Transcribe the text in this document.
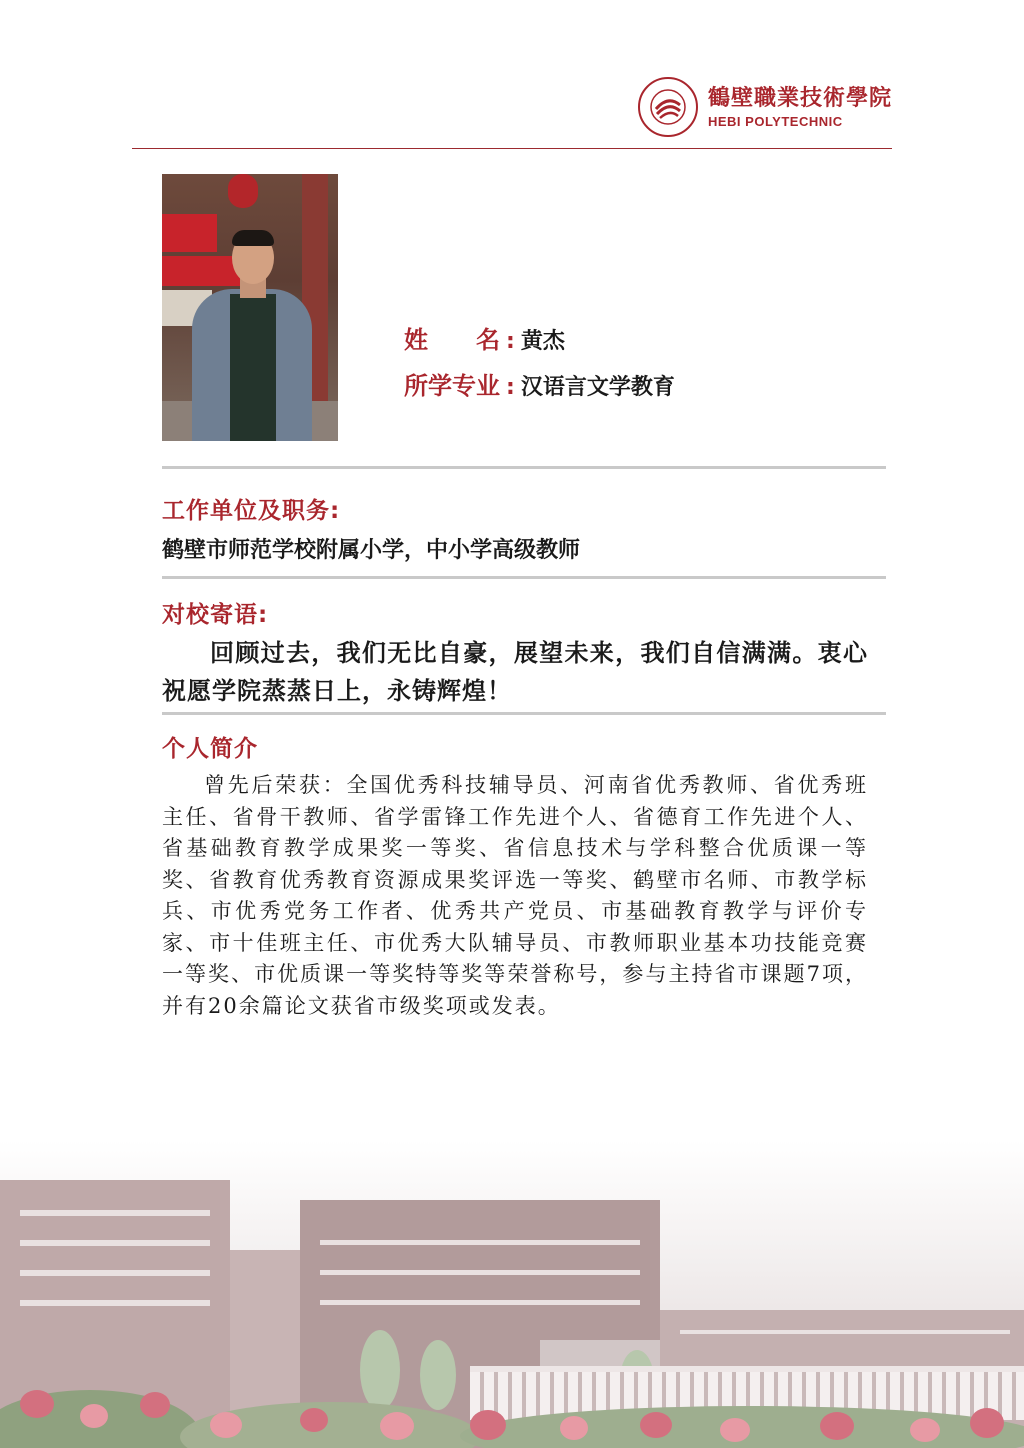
鶴壁職業技術學院
HEBI POLYTECHNIC
姓　　名 : 黄杰
所学专业 : 汉语言文学教育
工作单位及职务:
鹤壁市师范学校附属小学，中小学高级教师
对校寄语:
回顾过去，我们无比自豪，展望未来，我们自信满满。衷心祝愿学院蒸蒸日上，永铸辉煌！
个人简介
曾先后荣获：全国优秀科技辅导员、河南省优秀教师、省优秀班主任、省骨干教师、省学雷锋工作先进个人、省德育工作先进个人、省基础教育教学成果奖一等奖、省信息技术与学科整合优质课一等奖、省教育优秀教育资源成果奖评选一等奖、鹤壁市名师、市教学标兵、市优秀党务工作者、优秀共产党员、市基础教育教学与评价专家、市十佳班主任、市优秀大队辅导员、市教师职业基本功技能竞赛一等奖、市优质课一等奖特等奖等荣誉称号，参与主持省市课题7项，并有20余篇论文获省市级奖项或发表。
